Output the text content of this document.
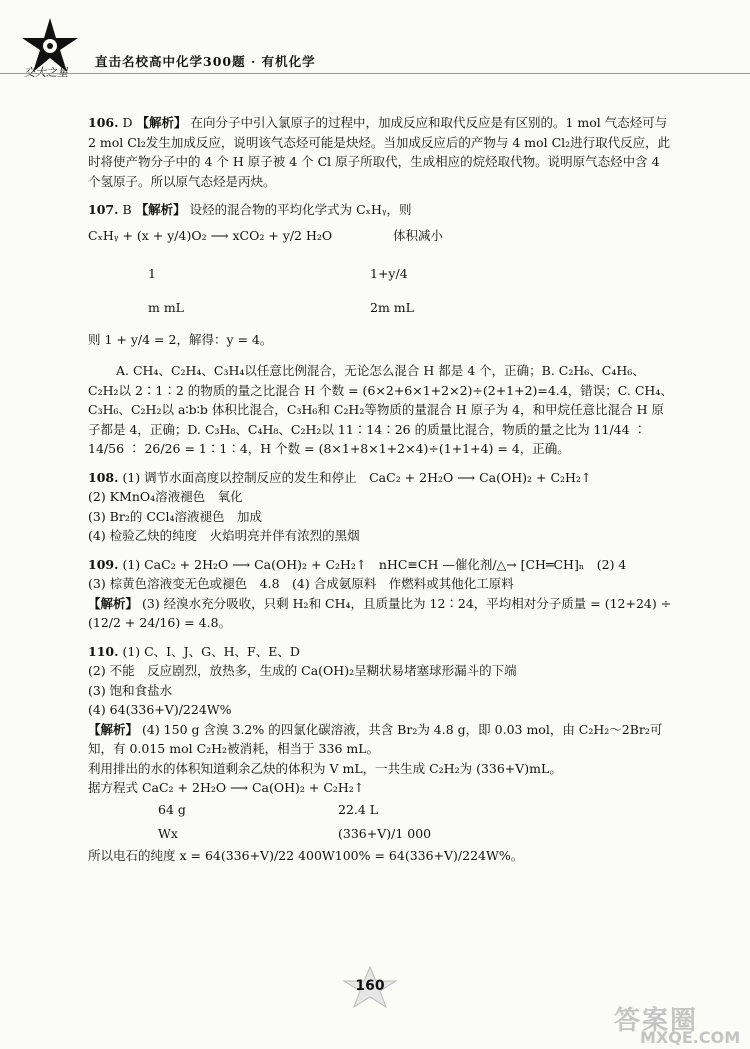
交大之星
直击名校高中化学300题 · 有机化学

106. D 【解析】 在向分子中引入氯原子的过程中，加成反应和取代反应是有区别的。1 mol 气态烃可与 2 mol Cl₂发生加成反应，说明该气态烃可能是炔烃。当加成反应后的产物与 4 mol Cl₂进行取代反应，此时将使产物分子中的 4 个 H 原子被 4 个 Cl 原子所取代，生成相应的烷烃取代物。说明原气态烃中含 4 个氢原子。所以原气态烃是丙炔。

107. B 【解析】 设烃的混合物的平均化学式为 CₓHᵧ，则

CₓHᵧ + (x + y/4)O₂ ⟶ xCO₂ + y/2 H₂O	体积减小
1	1+y/4
m mL	2m mL

则 1 + y/4 = 2，解得：y = 4。

A. CH₄、C₂H₄、C₃H₄以任意比例混合，无论怎么混合 H 都是 4 个，正确；B. C₂H₆、C₄H₆、C₂H₂以 2∶1∶2 的物质的量之比混合 H 个数 = (6×2+6×1+2×2)÷(2+1+2)=4.4，错误；C. CH₄、C₃H₆、C₂H₂以 a∶b∶b 体积比混合，C₃H₆和 C₂H₂等物质的量混合 H 原子为 4，和甲烷任意比混合 H 原子都是 4，正确；D. C₃H₈、C₄H₈、C₂H₂以 11∶14∶26 的质量比混合，物质的量之比为 11/44 ∶ 14/56 ∶ 26/26 = 1∶1∶4，H 个数 = (8×1+8×1+2×4)÷(1+1+4) = 4，正确。

108. (1) 调节水面高度以控制反应的发生和停止　CaC₂ + 2H₂O ⟶ Ca(OH)₂ + C₂H₂↑

(2) KMnO₄溶液褪色　氧化

(3) Br₂的 CCl₄溶液褪色　加成

(4) 检验乙炔的纯度　火焰明亮并伴有浓烈的黑烟

109. (1) CaC₂ + 2H₂O ⟶ Ca(OH)₂ + C₂H₂↑　nHC≡CH —催化剂/△→ [CH═CH]ₙ　(2) 4

(3) 棕黄色溶液变无色或褪色　4.8　(4) 合成氨原料　作燃料或其他化工原料

【解析】 (3) 经溴水充分吸收，只剩 H₂和 CH₄，且质量比为 12∶24，平均相对分子质量 = (12+24) ÷ (12/2 + 24/16) = 4.8。

110. (1) C、I、J、G、H、F、E、D

(2) 不能　反应剧烈，放热多，生成的 Ca(OH)₂呈糊状易堵塞球形漏斗的下端

(3) 饱和食盐水

(4) 64(336+V)/224W%

【解析】 (4) 150 g 含溴 3.2% 的四氯化碳溶液，共含 Br₂为 4.8 g，即 0.03 mol，由 C₂H₂～2Br₂可知，有 0.015 mol C₂H₂被消耗，相当于 336 mL。

利用排出的水的体积知道剩余乙炔的体积为 V mL，一共生成 C₂H₂为 (336+V)mL。

据方程式 CaC₂ + 2H₂O ⟶ Ca(OH)₂ + C₂H₂↑

64 g	22.4 L
Wx	(336+V)/1 000

所以电石的纯度 x = 64(336+V)/22 400W100% = 64(336+V)/224W%。

160
答案圈
MXQE.COM
